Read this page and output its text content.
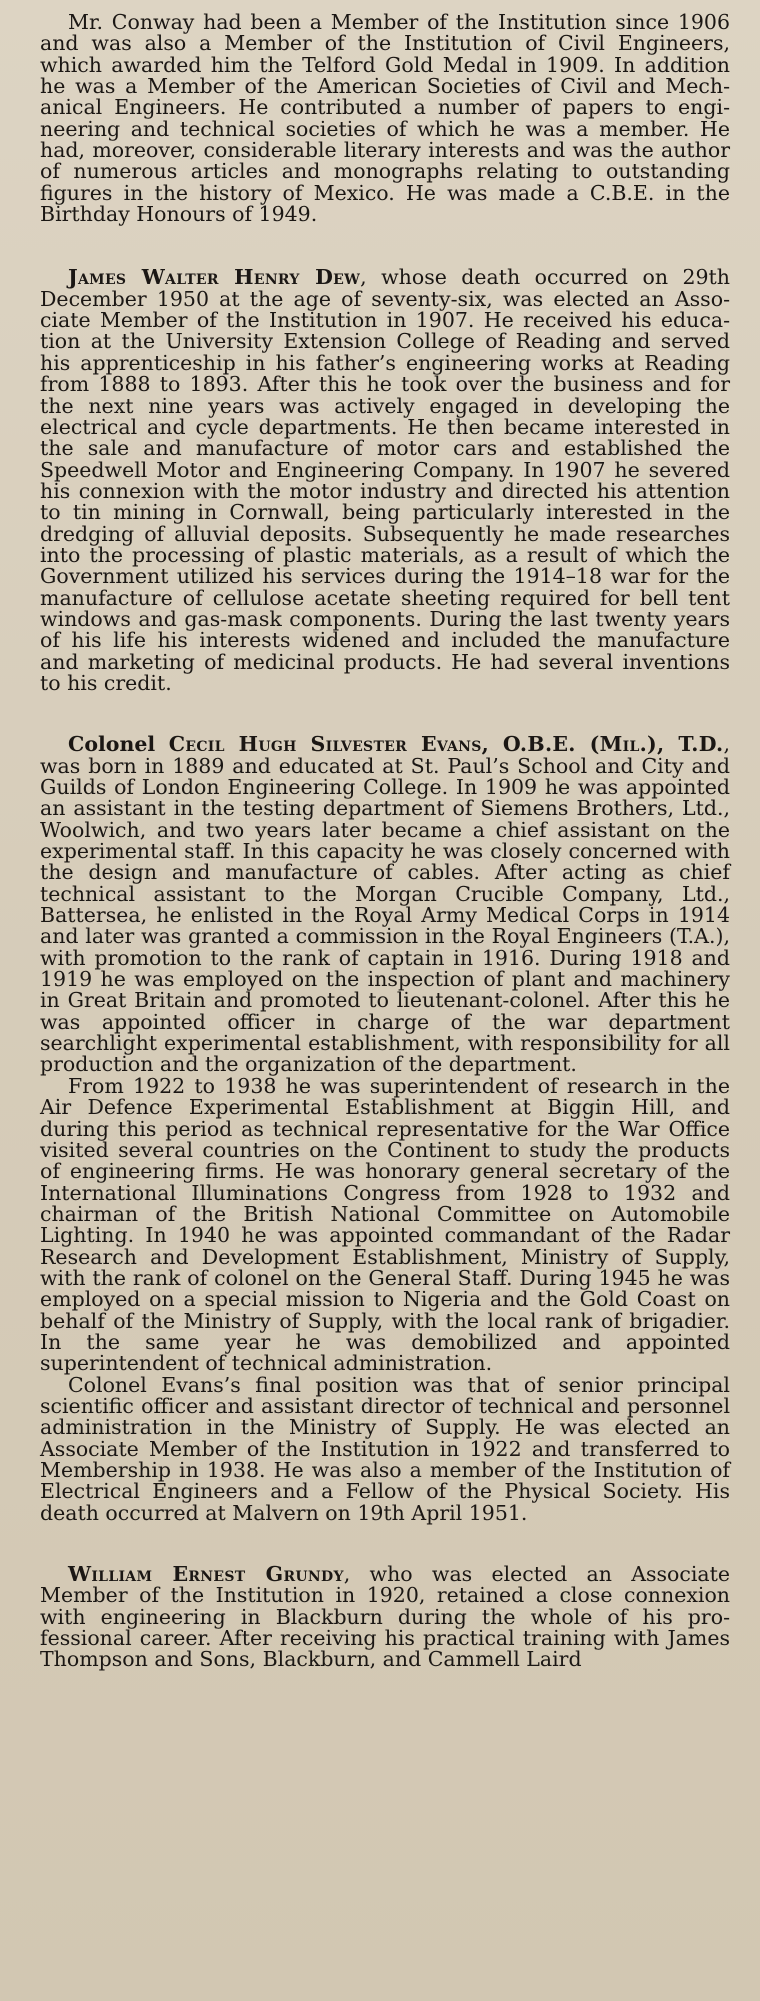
Mr. Conway had been a Member of the Institution since 1906 and was also a Member of the Institution of Civil Engineers, which awarded him the Telford Gold Medal in 1909. In addition he was a Member of the American Societies of Civil and Mechanical Engineers. He contributed a number of papers to engineering and technical societies of which he was a member. He had, moreover, considerable literary interests and was the author of numerous articles and monographs relating to outstanding figures in the history of Mexico. He was made a C.B.E. in the Birthday Honours of 1949.

James Walter Henry Dew, whose death occurred on 29th December 1950 at the age of seventy-six, was elected an Associate Member of the Institution in 1907. He received his education at the University Extension College of Reading and served his apprenticeship in his father’s engineering works at Reading from 1888 to 1893. After this he took over the business and for the next nine years was actively engaged in developing the electrical and cycle departments. He then became interested in the sale and manufacture of motor cars and established the Speedwell Motor and Engineering Company. In 1907 he severed his connexion with the motor industry and directed his attention to tin mining in Cornwall, being particularly interested in the dredging of alluvial deposits. Subsequently he made researches into the processing of plastic materials, as a result of which the Government utilized his services during the 1914–18 war for the manufacture of cellulose acetate sheeting required for bell tent windows and gas-mask components. During the last twenty years of his life his interests widened and included the manufacture and marketing of medicinal products. He had several inventions to his credit.

Colonel Cecil Hugh Silvester Evans, O.B.E. (Mil.), T.D., was born in 1889 and educated at St. Paul’s School and City and Guilds of London Engineering College. In 1909 he was appointed an assistant in the testing department of Siemens Brothers, Ltd., Woolwich, and two years later became a chief assistant on the experimental staff. In this capacity he was closely concerned with the design and manufacture of cables. After acting as chief technical assistant to the Morgan Crucible Company, Ltd., Battersea, he enlisted in the Royal Army Medical Corps in 1914 and later was granted a commission in the Royal Engineers (T.A.), with promotion to the rank of captain in 1916. During 1918 and 1919 he was employed on the inspection of plant and machinery in Great Britain and promoted to lieutenant-colonel. After this he was appointed officer in charge of the war department searchlight experimental establishment, with responsibility for all production and the organization of the department.

From 1922 to 1938 he was superintendent of research in the Air Defence Experimental Establishment at Biggin Hill, and during this period as technical representative for the War Office visited several countries on the Continent to study the products of engineering firms. He was honorary general secretary of the International Illuminations Congress from 1928 to 1932 and chairman of the British National Committee on Automobile Lighting. In 1940 he was appointed commandant of the Radar Research and Development Establishment, Ministry of Supply, with the rank of colonel on the General Staff. During 1945 he was employed on a special mission to Nigeria and the Gold Coast on behalf of the Ministry of Supply, with the local rank of brigadier. In the same year he was demobilized and appointed superintendent of technical administration.

Colonel Evans’s final position was that of senior principal scientific officer and assistant director of technical and personnel administration in the Ministry of Supply. He was elected an Associate Member of the Institution in 1922 and transferred to Membership in 1938. He was also a member of the Institution of Electrical Engineers and a Fellow of the Physical Society. His death occurred at Malvern on 19th April 1951.

William Ernest Grundy, who was elected an Associate Member of the Institution in 1920, retained a close connexion with engineering in Blackburn during the whole of his professional career. After receiving his practical training with James Thompson and Sons, Blackburn, and Cammell Laird
